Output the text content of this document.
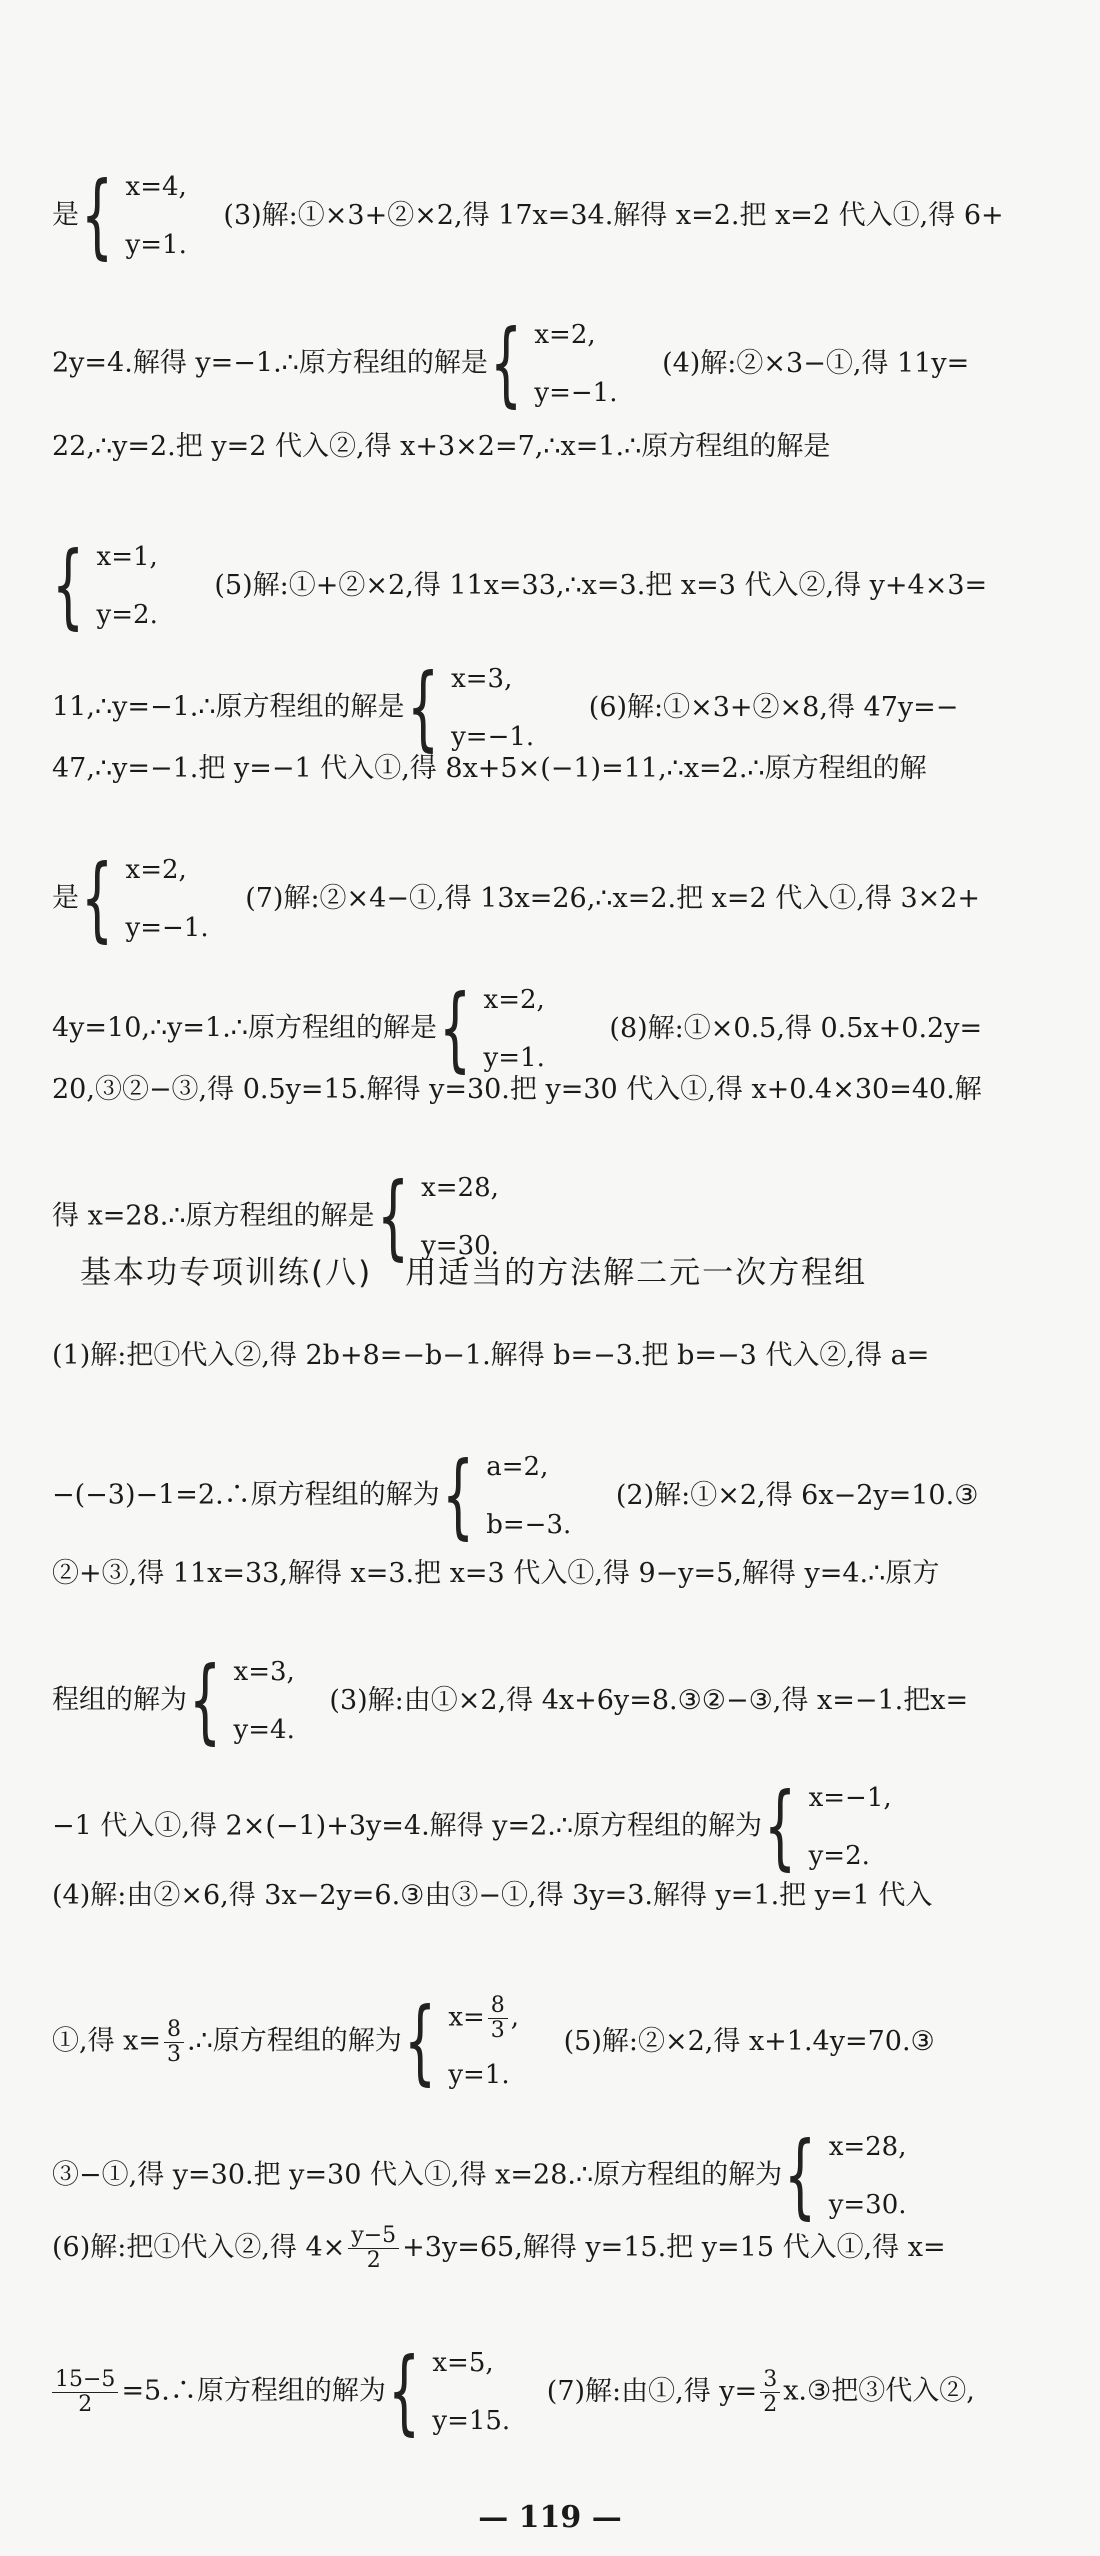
是 { x=4,
y=1.
(3)解:①×3+②×2,得 17x=34.解得 x=2.把 x=2 代入①,得 6+
2y=4.解得 y=−1.∴原方程组的解是 { x=2,
y=−1.
(4)解:②×3−①,得 11y=
22,∴y=2.把 y=2 代入②,得 x+3×2=7,∴x=1.∴原方程组的解是
{ x=1,
y=2.
(5)解:①+②×2,得 11x=33,∴x=3.把 x=3 代入②,得 y+4×3=
11,∴y=−1.∴原方程组的解是 { x=3,
y=−1.
(6)解:①×3+②×8,得 47y=−
47,∴y=−1.把 y=−1 代入①,得 8x+5×(−1)=11,∴x=2.∴原方程组的解
是 { x=2,
y=−1.
(7)解:②×4−①,得 13x=26,∴x=2.把 x=2 代入①,得 3×2+
4y=10,∴y=1.∴原方程组的解是 { x=2,
y=1.
(8)解:①×0.5,得 0.5x+0.2y=
20,③②−③,得 0.5y=15.解得 y=30.把 y=30 代入①,得 x+0.4×30=40.解
得 x=28.∴原方程组的解是 { x=28,
y=30.
基本功专项训练(八)　用适当的方法解二元一次方程组
(1)解:把①代入②,得 2b+8=−b−1.解得 b=−3.把 b=−3 代入②,得 a=
−(−3)−1=2.∴原方程组的解为 { a=2,
b=−3.
(2)解:①×2,得 6x−2y=10.③
②+③,得 11x=33,解得 x=3.把 x=3 代入①,得 9−y=5,解得 y=4.∴原方
程组的解为 { x=3,
y=4.
(3)解:由①×2,得 4x+6y=8.③②−③,得 x=−1.把x=
−1 代入①,得 2×(−1)+3y=4.解得 y=2.∴原方程组的解为 { x=−1,
y=2.
(4)解:由②×6,得 3x−2y=6.③由③−①,得 3y=3.解得 y=1.把 y=1 代入
①,得 $x= \frac{8}{3}$ .∴原方程组的解为 { $x= \frac{8}{3}$ ,
y=1.
(5)解:②×2,得 x+1.4y=70.③
③−①,得 y=30.把 y=30 代入①,得 x=28.∴原方程组的解为 { x=28,
y=30.
(6)解:把①代入②,得 $4\times \frac{y-5}{2} +3y=65$,解得 y=15.把 y=15 代入①,得 x=
$\frac{15-5}{2}$ =5.∴原方程组的解为 { x=5,
y=15.
(7)解:由①,得 $y= \frac{3}{2}$ x.③把③代入②,
— 119 —
